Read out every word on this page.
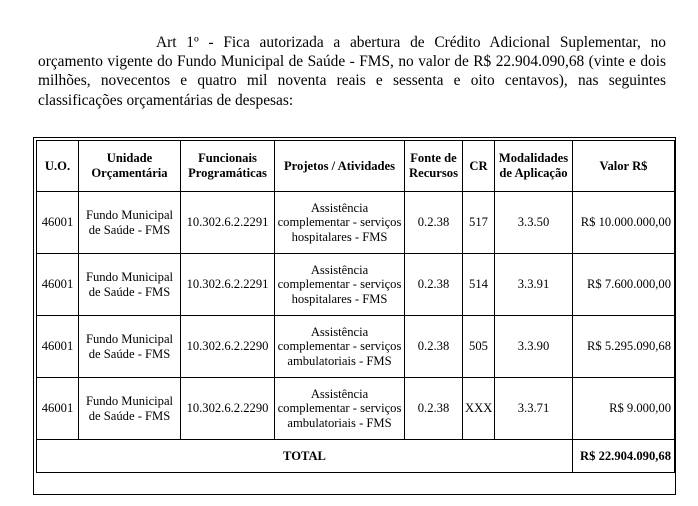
Art 1º - Fica autorizada a abertura de Crédito Adicional Suplementar, no orçamento vigente do Fundo Municipal de Saúde - FMS, no valor de R$ 22.904.090,68 (vinte e dois milhões, novecentos e quatro mil noventa reais e sessenta e oito centavos), nas seguintes classificações orçamentárias de despesas:
U.O.	Unidade Orçamentária	Funcionais Programáticas	Projetos / Atividades	Fonte de Recursos	CR	Modalidades de Aplicação	Valor R$
46001	Fundo Municipal de Saúde - FMS	10.302.6.2.2291	Assistência complementar - serviços hospitalares - FMS	0.2.38	517	3.3.50	R$ 10.000.000,00
46001	Fundo Municipal de Saúde - FMS	10.302.6.2.2291	Assistência complementar - serviços hospitalares - FMS	0.2.38	514	3.3.91	R$ 7.600.000,00
46001	Fundo Municipal de Saúde - FMS	10.302.6.2.2290	Assistência complementar - serviços ambulatoriais - FMS	0.2.38	505	3.3.90	R$ 5.295.090,68
46001	Fundo Municipal de Saúde - FMS	10.302.6.2.2290	Assistência complementar - serviços ambulatoriais - FMS	0.2.38	XXX	3.3.71	R$ 9.000,00
TOTAL							R$ 22.904.090,68
